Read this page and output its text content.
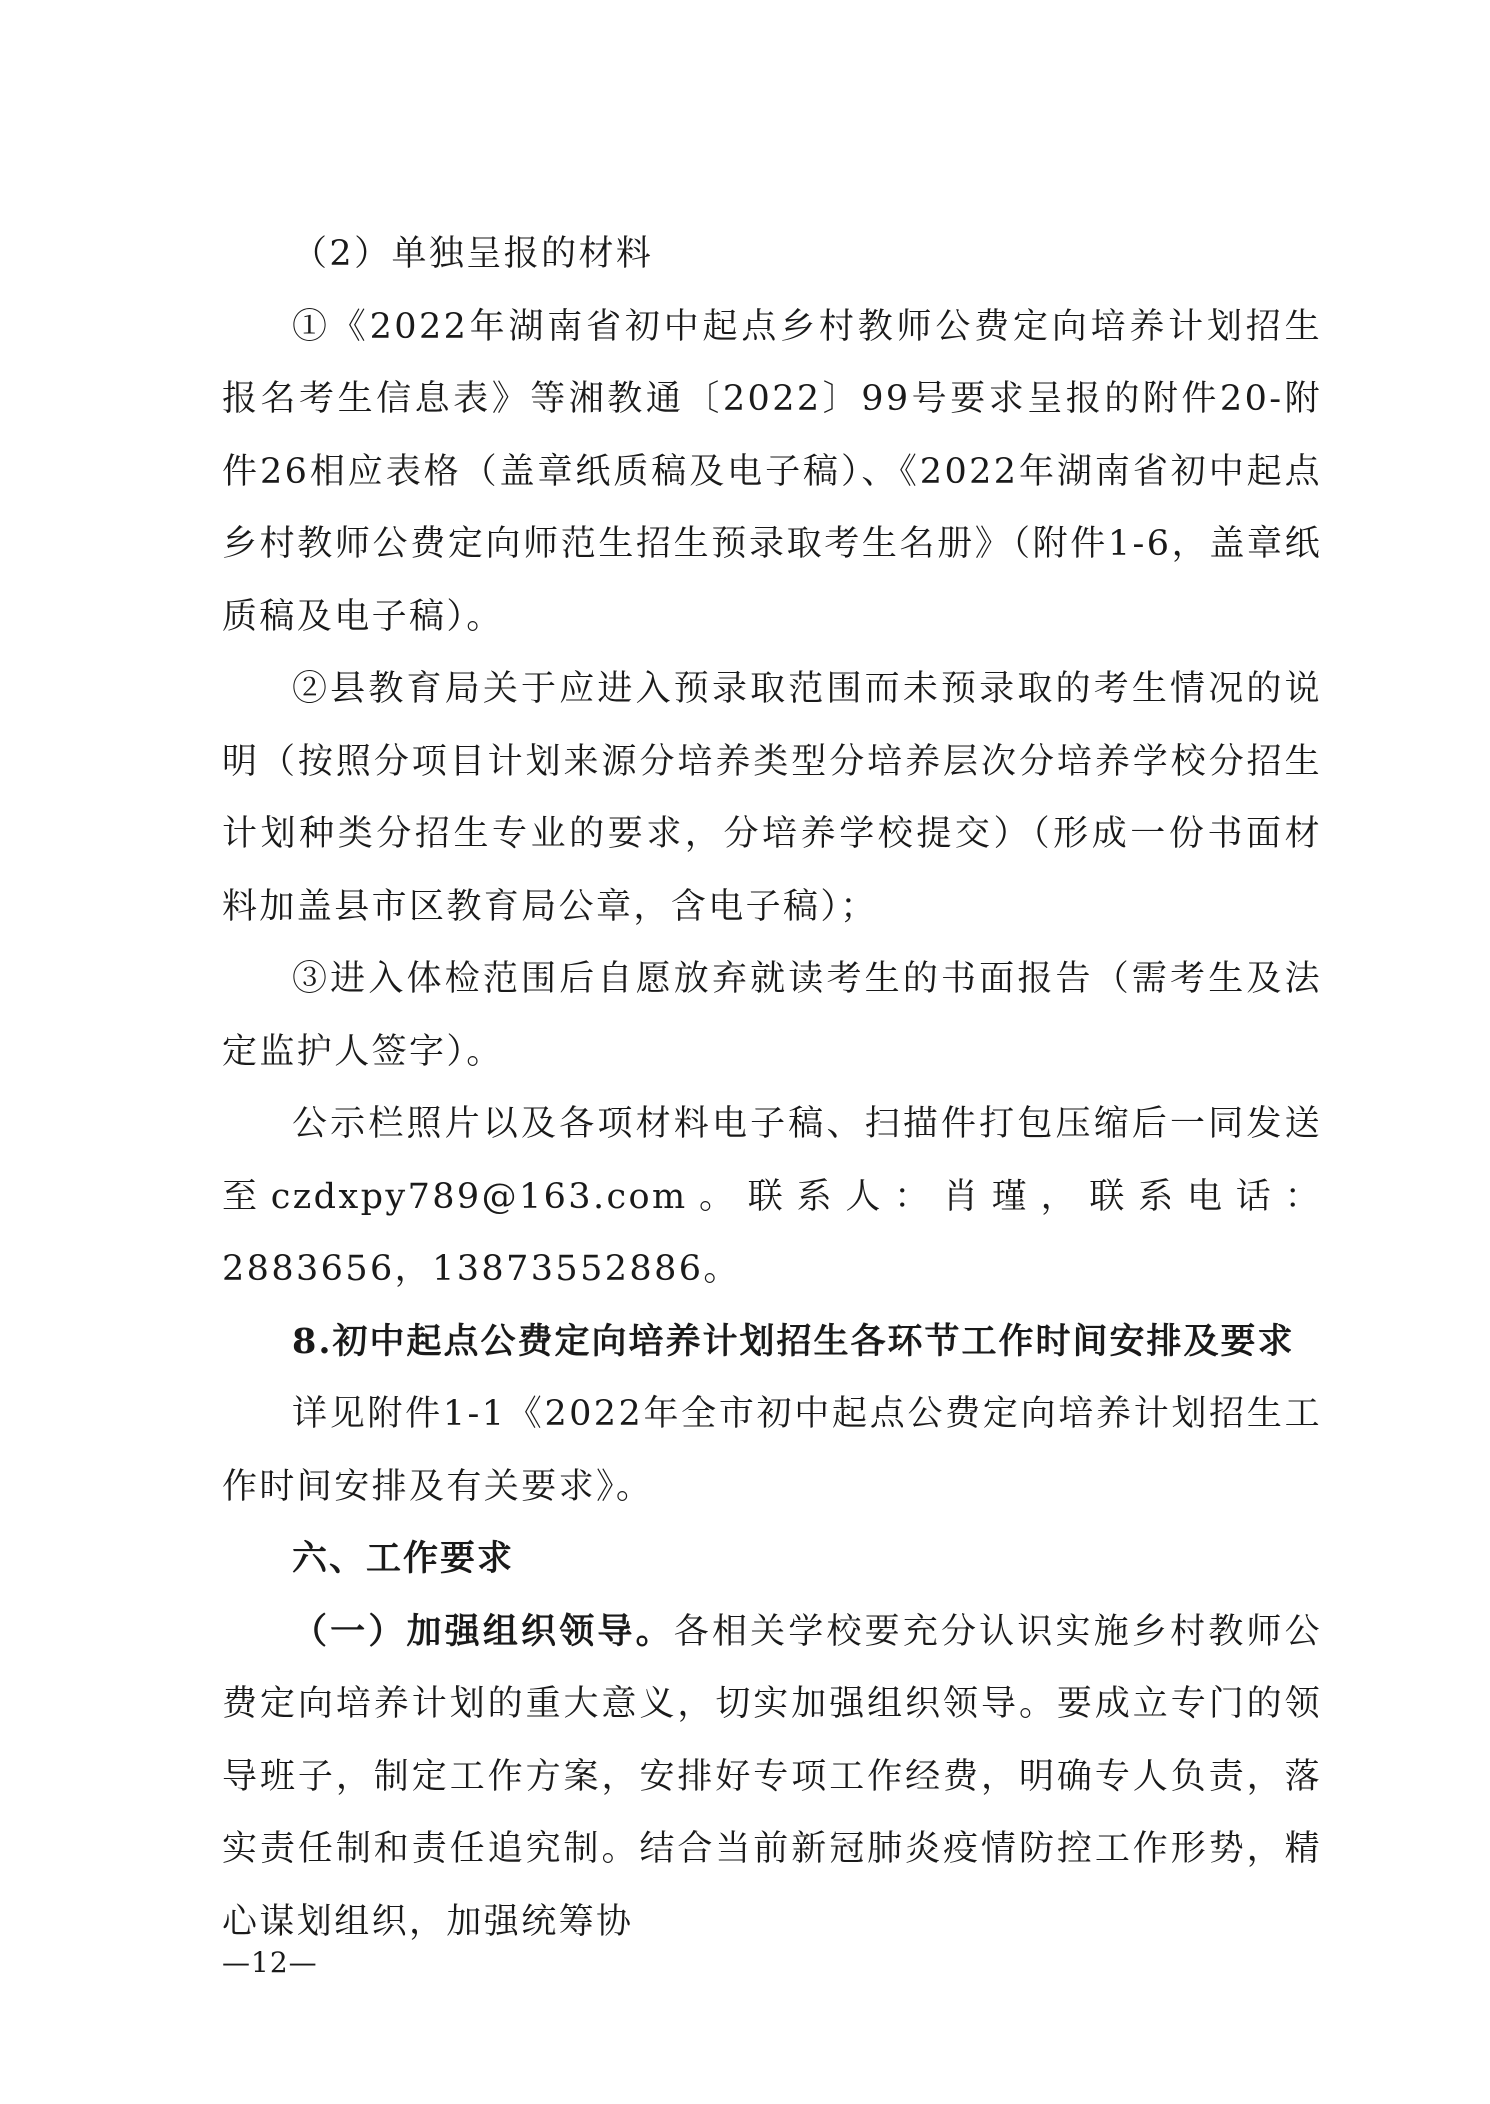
（2）单独呈报的材料

①《2022年湖南省初中起点乡村教师公费定向培养计划招生报名考生信息表》等湘教通〔2022〕99号要求呈报的附件20-附件26相应表格（盖章纸质稿及电子稿）、《2022年湖南省初中起点乡村教师公费定向师范生招生预录取考生名册》（附件1-6，盖章纸质稿及电子稿）。

②县教育局关于应进入预录取范围而未预录取的考生情况的说明（按照分项目计划来源分培养类型分培养层次分培养学校分招生计划种类分招生专业的要求，分培养学校提交）（形成一份书面材料加盖县市区教育局公章，含电子稿）；

③进入体检范围后自愿放弃就读考生的书面报告（需考生及法定监护人签字）。

公示栏照片以及各项材料电子稿、扫描件打包压缩后一同发送至czdxpy789@163.com。联系人：肖瑾，联系电话：2883656，13873552886。

8.初中起点公费定向培养计划招生各环节工作时间安排及要求

详见附件1-1《2022年全市初中起点公费定向培养计划招生工作时间安排及有关要求》。

六、工作要求

（一）加强组织领导。各相关学校要充分认识实施乡村教师公费定向培养计划的重大意义，切实加强组织领导。要成立专门的领导班子，制定工作方案，安排好专项工作经费，明确专人负责，落实责任制和责任追究制。结合当前新冠肺炎疫情防控工作形势，精心谋划组织，加强统筹协

—12—
